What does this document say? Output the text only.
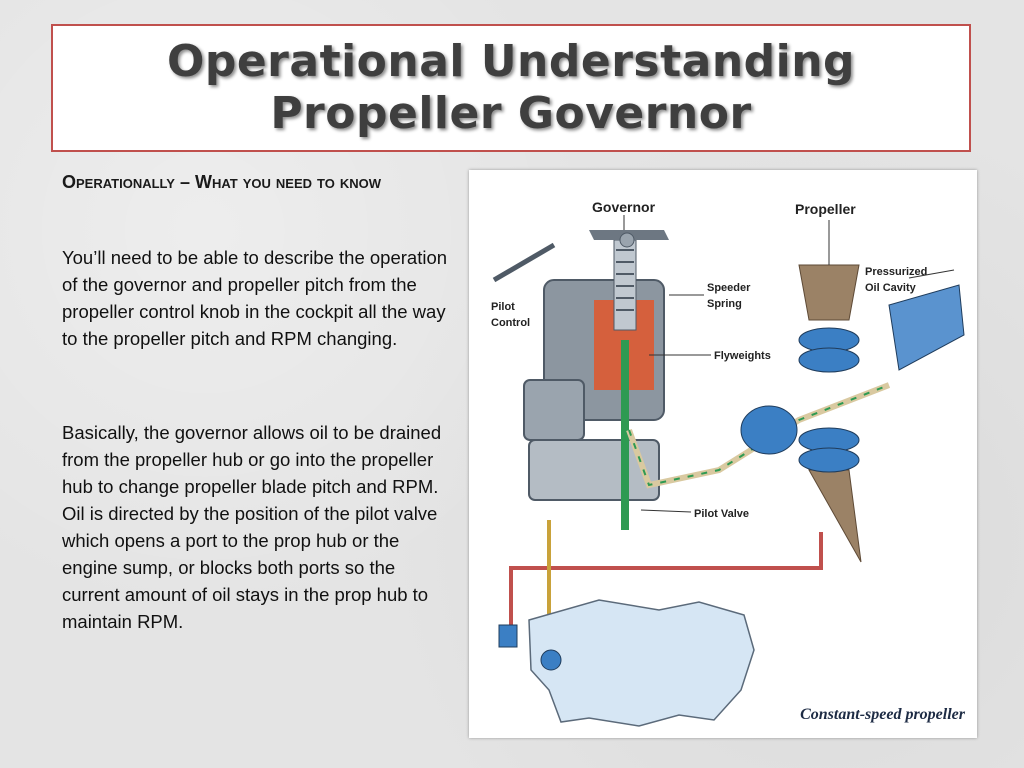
Operational Understanding
Propeller Governor
Operationally – What you need to know
You’ll need to be able to describe the operation of the governor and propeller pitch from the propeller control knob in the cockpit all the way to the propeller pitch and RPM changing.
Basically, the governor allows oil to be drained from the propeller hub or go into the propeller hub to change propeller blade pitch and RPM. Oil is directed by the position of the pilot valve which opens a port to the prop hub or the engine sump, or blocks both ports so the current amount of oil stays in the prop hub to maintain RPM.
Governor	Propeller
Pilot
Control
Speeder
Spring
Pressurized
Oil Cavity
Flyweights
Pilot Valve
Constant-speed propeller
